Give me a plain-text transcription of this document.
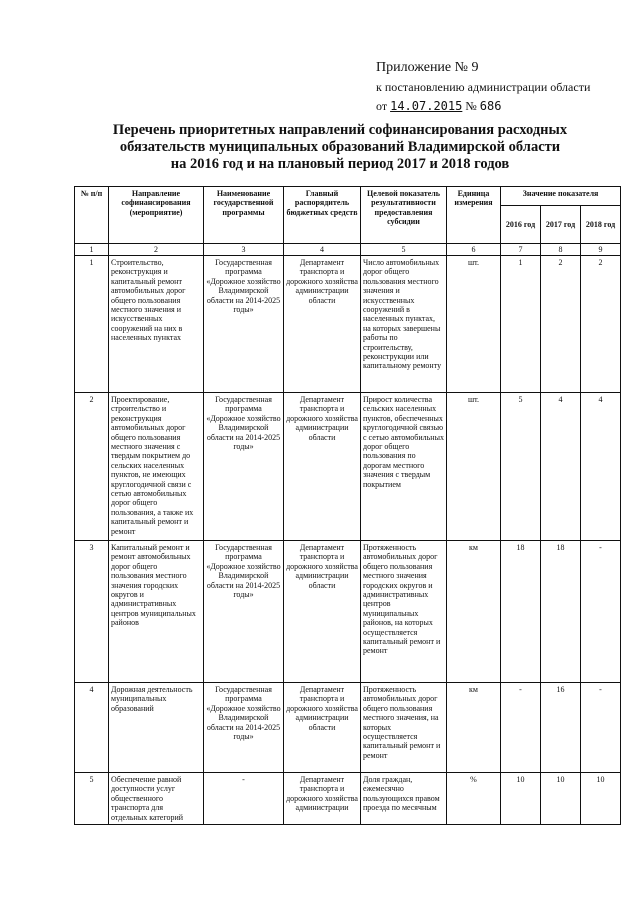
Приложение № 9
к постановлению администрации области
от 14.07.2015 № 686
Перечень приоритетных направлений софинансирования расходных
обязательств муниципальных образований Владимирской области
на 2016 год и на плановый период 2017 и 2018 годов
№ п/п	Направление софинансирования (мероприятие)	Наименование государственной программы	Главный распорядитель бюджетных средств	Целевой показатель результативности предоставления субсидии	Единица измерения	Значение показателя		
						2016 год	2017 год	2018 год
1	2	3	4	5	6	7	8	9
1	Строительство, реконструкция и капитальный ремонт автомобильных дорог общего пользования местного значения и искусственных сооружений на них в населенных пунктах	Государственная программа «Дорожное хозяйство Владимирской области на 2014-2025 годы»	Департамент транспорта и дорожного хозяйства администрации области	Число автомобильных дорог общего пользования местного значения и искусственных сооружений в населенных пунктах, на которых завершены работы по строительству, реконструкции или капитальному ремонту	шт.	1	2	2
2	Проектирование, строительство и реконструкция автомобильных дорог общего пользования местного значения с твердым покрытием до сельских населенных пунктов, не имеющих круглогодичной связи с сетью автомобильных дорог общего пользования, а также их капитальный ремонт и ремонт	Государственная программа «Дорожное хозяйство Владимирской области на 2014-2025 годы»	Департамент транспорта и дорожного хозяйства администрации области	Прирост количества сельских населенных пунктов, обеспеченных круглогодичной связью с сетью автомобильных дорог общего пользования по дорогам местного значения с твердым покрытием	шт.	5	4	4
3	Капитальный ремонт и ремонт автомобильных дорог общего пользования местного значения городских округов и административных центров муниципальных районов	Государственная программа «Дорожное хозяйство Владимирской области на 2014-2025 годы»	Департамент транспорта и дорожного хозяйства администрации области	Протяженность автомобильных дорог общего пользования местного значения городских округов и административных центров муниципальных районов, на которых осуществляется капитальный ремонт и ремонт	км	18	18	-
4	Дорожная деятельность муниципальных образований	Государственная программа «Дорожное хозяйство Владимирской области на 2014-2025 годы»	Департамент транспорта и дорожного хозяйства администрации области	Протяженность автомобильных дорог общего пользования местного значения, на которых осуществляется капитальный ремонт и ремонт	км	-	16	-
5	Обеспечение равной доступности услуг общественного транспорта для отдельных категорий	-	Департамент транспорта и дорожного хозяйства администрации	Доля граждан, ежемесячно пользующихся правом проезда по месячным	%	10	10	10
